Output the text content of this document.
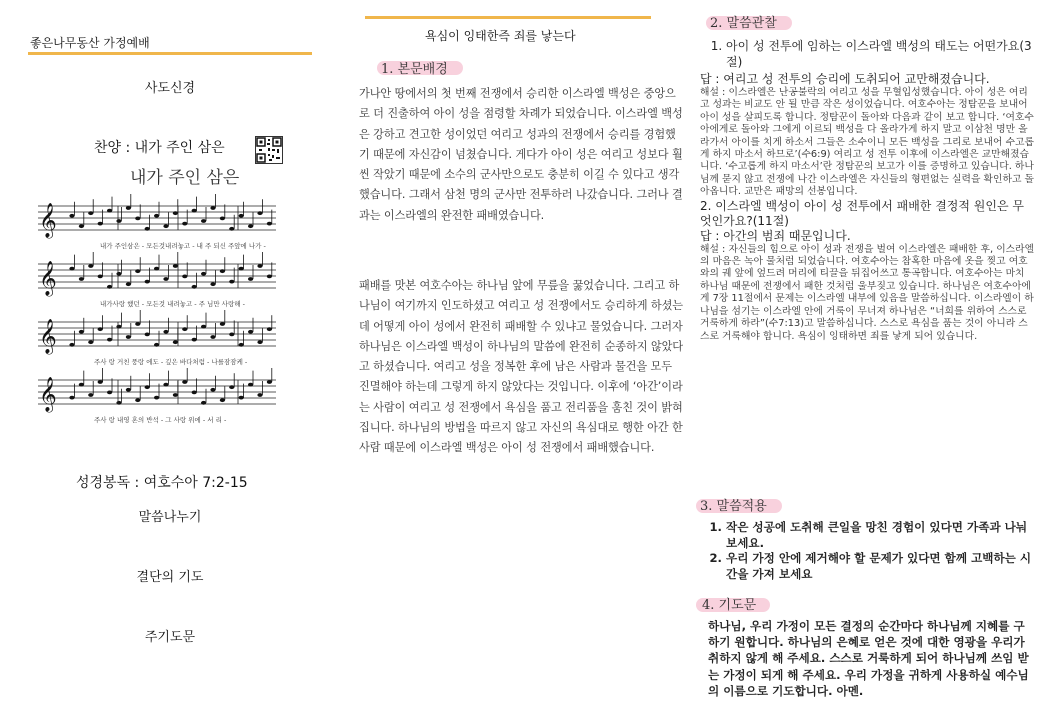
좋은나무동산 가정예배
사도신경
찬양 : 내가 주인 삼은
내가 주인 삼은
𝄞
𝄞
𝄞
𝄞
내가 주인삼은 - 모든것내려놓고 - 내 주 되신 주앞에 나가 -
내가사랑 했던 - 모든것 내려놓고 - 주 님만 사랑해 -
주사 랑 거친 풍랑 에도 - 깊은 바다처럼 - 나를잠잠케 -
주사 랑 내영 혼의 반석 - 그 사랑 위에 - 서 리 -
성경봉독 : 여호수아 7:2-15
말씀나누기
결단의 기도
주기도문
욕심이 잉태한즉 죄를 낳는다
1. 본문배경
가나안 땅에서의 첫 번째 전쟁에서 승리한 이스라엘 백성은 중앙으로 더 진출하여 아이 성을 점령할 차례가 되었습니다. 이스라엘 백성은 강하고 견고한 성이었던 여리고 성과의 전쟁에서 승리를 경험했기 때문에 자신감이 넘쳤습니다. 게다가 아이 성은 여리고 성보다 훨씬 작았기 때문에 소수의 군사만으로도 충분히 이길 수 있다고 생각했습니다. 그래서 삼천 명의 군사만 전투하러 나갔습니다. 그러나 결과는 이스라엘의 완전한 패배였습니다.
패배를 맛본 여호수아는 하나님 앞에 무릎을 꿇었습니다. 그리고 하나님이 여기까지 인도하셨고 여리고 성 전쟁에서도 승리하게 하셨는데 어떻게 아이 성에서 완전히 패배할 수 있냐고 물었습니다. 그러자 하나님은 이스라엘 백성이 하나님의 말씀에 완전히 순종하지 않았다고 하셨습니다. 여리고 성을 정복한 후에 남은 사람과 물건을 모두 진멸해야 하는데 그렇게 하지 않았다는 것입니다. 이후에 ‘아간’이라는 사람이 여리고 성 전쟁에서 욕심을 품고 전리품을 훔친 것이 밝혀집니다. 하나님의 방법을 따르지 않고 자신의 욕심대로 행한 아간 한 사람 때문에 이스라엘 백성은 아이 성 전쟁에서 패배했습니다.
2. 말씀관찰
1. 아이 성 전투에 임하는 이스라엘 백성의 태도는 어떤가요(3절)
답 : 여리고 성 전투의 승리에 도취되어 교만해졌습니다.
해설 : 이스라엘은 난공불락의 여리고 성을 무혈입성했습니다. 아이 성은 여리고 성과는 비교도 안 될 만큼 작은 성이었습니다. 여호수아는 정탐꾼을 보내어 아이 성을 살피도록 합니다. 정탐꾼이 돌아와 다음과 같이 보고 합니다. ‘여호수아에게로 돌아와 그에게 이르되 백성을 다 올라가게 하지 말고 이삼천 명만 올라가서 아이를 치게 하소서 그들은 소수이니 모든 백성을 그리로 보내어 수고롭게 하지 마소서 하므로’(수6:9) 여리고 성 전투 이후에 이스라엘은 교만해졌습니다. ‘수고롭게 하지 마소서’란 정탐꾼의 보고가 이를 증명하고 있습니다. 하나님께 묻지 않고 전쟁에 나간 이스라엘은 자신들의 형편없는 실력을 확인하고 돌아옵니다. 교만은 패망의 선봉입니다.
2. 이스라엘 백성이 아이 성 전투에서 패배한 결정적 원인은 무엇인가요?(11절)
답 : 아간의 범죄 때문입니다.
해설 : 자신들의 힘으로 아이 성과 전쟁을 벌여 이스라엘은 패배한 후, 이스라엘의 마음은 녹아 물처럼 되었습니다. 여호수아는 참혹한 마음에 옷을 찢고 여호와의 궤 앞에 엎드려 머리에 티끌을 뒤집어쓰고 통곡합니다. 여호수아는 마치 하나님 때문에 전쟁에서 패한 것처럼 울부짖고 있습니다. 하나님은 여호수아에게 7장 11절에서 문제는 이스라엘 내부에 있음을 말씀하십니다. 이스라엘이 하나님을 섬기는 이스라엘 안에 거룩이 무너져 하나님은 “너희를 위하여 스스로 거룩하게 하라”(수7:13)고 말씀하십니다. 스스로 욕심을 품는 것이 아니라 스스로 거룩해야 합니다. 욕심이 잉태하면 죄를 낳게 되어 있습니다.
3. 말씀적용
1. 작은 성공에 도취해 큰일을 망친 경험이 있다면 가족과 나눠 보세요.
2. 우리 가정 안에 제거해야 할 문제가 있다면 함께 고백하는 시간을 가져 보세요
4. 기도문
하나님, 우리 가정이 모든 결정의 순간마다 하나님께 지혜를 구하기 원합니다. 하나님의 은혜로 얻은 것에 대한 영광을 우리가 취하지 않게 해 주세요. 스스로 거룩하게 되어 하나님께 쓰임 받는 가정이 되게 해 주세요. 우리 가정을 귀하게 사용하실 예수님의 이름으로 기도합니다. 아멘.
